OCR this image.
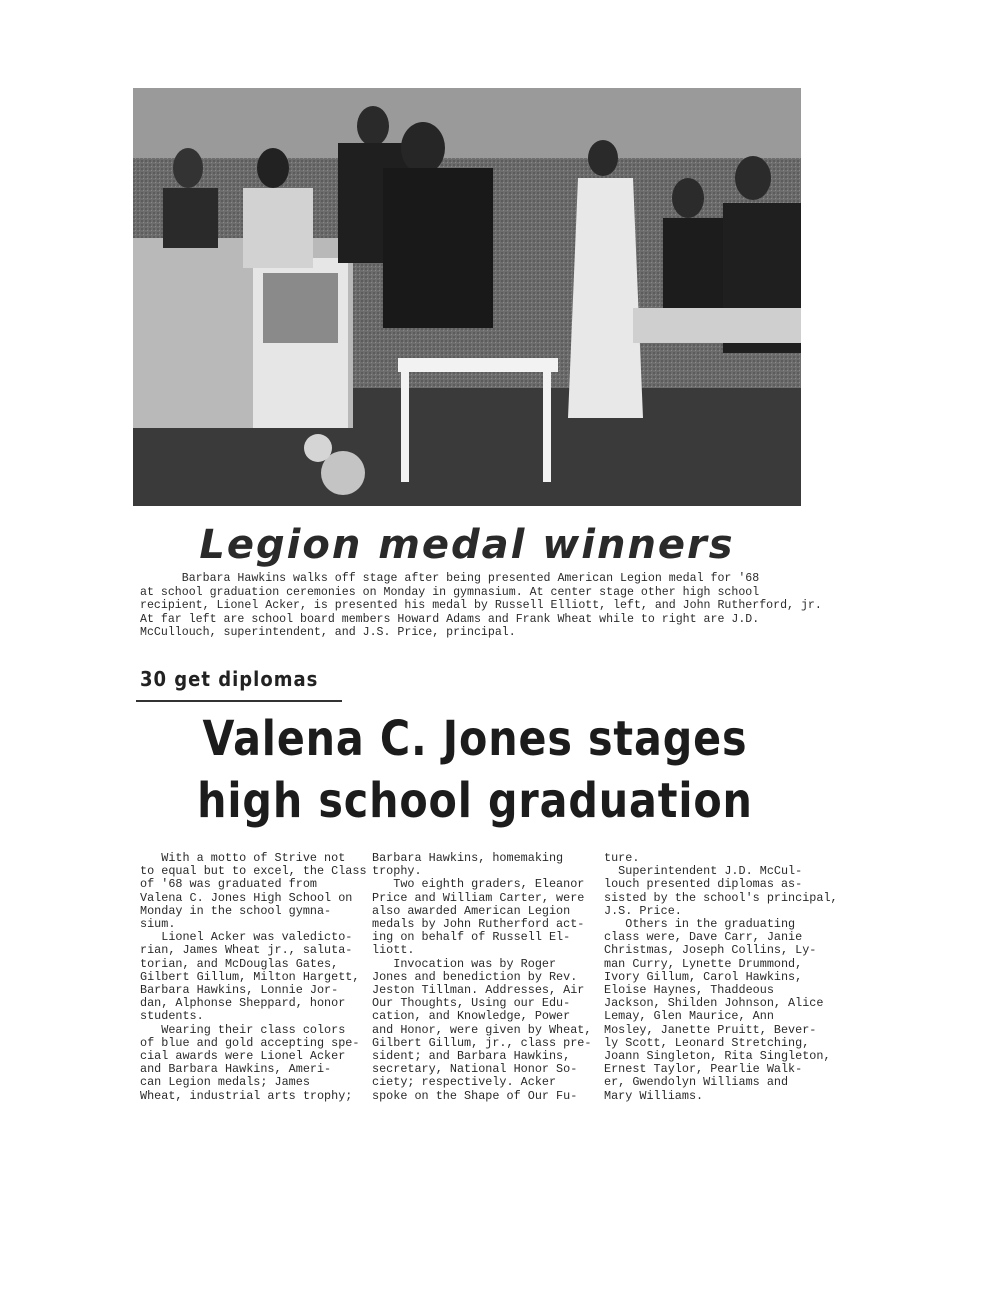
Legion medal winners
Barbara Hawkins walks off stage after being presented American Legion medal for '68
at school graduation ceremonies on Monday in gymnasium. At center stage other high school
recipient, Lionel Acker, is presented his medal by Russell Elliott, left, and John Rutherford, jr.
At far left are school board members Howard Adams and Frank Wheat while to right are J.D.
McCullouch, superintendent, and J.S. Price, principal.
30 get diplomas
Valena C. Jones stages
high school graduation

With a motto of Strive not

to equal but to excel, the Class

of '68 was graduated from

Valena C. Jones High School on

Monday in the school gymna-

sium.

Lionel Acker was valedicto-

rian, James Wheat jr., saluta-

torian, and McDouglas Gates,

Gilbert Gillum, Milton Hargett,

Barbara Hawkins, Lonnie Jor-

dan, Alphonse Sheppard, honor

students.

Wearing their class colors

of blue and gold accepting spe-

cial awards were Lionel Acker

and Barbara Hawkins, Ameri-

can Legion medals; James

Wheat, industrial arts trophy;

Barbara Hawkins, homemaking

trophy.

Two eighth graders, Eleanor

Price and William Carter, were

also awarded American Legion

medals by John Rutherford act-

ing on behalf of Russell El-

liott.

Invocation was by Roger

Jones and benediction by Rev.

Jeston Tillman. Addresses, Air

Our Thoughts, Using our Edu-

cation, and Knowledge, Power

and Honor, were given by Wheat,

Gilbert Gillum, jr., class pre-

sident; and Barbara Hawkins,

secretary, National Honor So-

ciety; respectively. Acker

spoke on the Shape of Our Fu-

ture.

Superintendent J.D. McCul-

louch presented diplomas as-

sisted by the school's principal,

J.S. Price.

Others in the graduating

class were, Dave Carr, Janie

Christmas, Joseph Collins, Ly-

man Curry, Lynette Drummond,

Ivory Gillum, Carol Hawkins,

Eloise Haynes, Thaddeous

Jackson, Shilden Johnson, Alice

Lemay, Glen Maurice, Ann

Mosley, Janette Pruitt, Bever-

ly Scott, Leonard Stretching,

Joann Singleton, Rita Singleton,

Ernest Taylor, Pearlie Walk-

er, Gwendolyn Williams and

Mary Williams.
